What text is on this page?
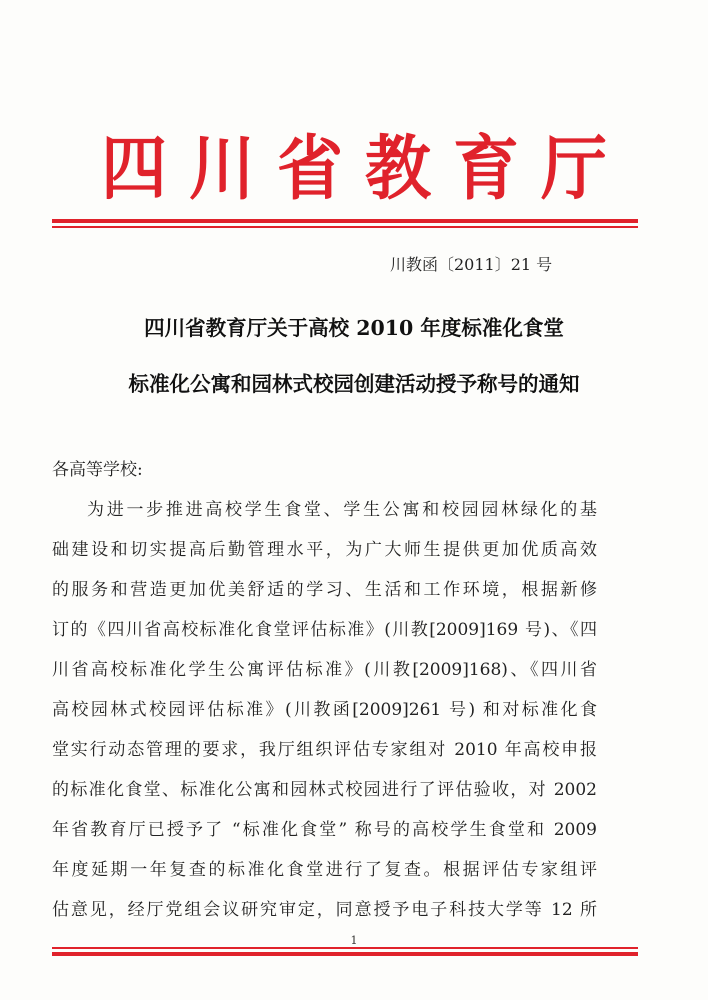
四川省教育厅
川教函〔2011〕21 号
四川省教育厅关于高校 2010 年度标准化食堂
标准化公寓和园林式校园创建活动授予称号的通知
各高等学校:
为进一步推进高校学生食堂、学生公寓和校园园林绿化的基
础建设和切实提高后勤管理水平，为广大师生提供更加优质高效
的服务和营造更加优美舒适的学习、生活和工作环境，根据新修
订的《四川省高校标准化食堂评估标准》(川教[2009]169 号)、《四
川省高校标准化学生公寓评估标准》(川教[2009]168)、《四川省
高校园林式校园评估标准》(川教函[2009]261 号) 和对标准化食
堂实行动态管理的要求，我厅组织评估专家组对 2010 年高校申报
的标准化食堂、标准化公寓和园林式校园进行了评估验收，对 2002
年省教育厅已授予了 “标准化食堂” 称号的高校学生食堂和 2009
年度延期一年复查的标准化食堂进行了复查。根据评估专家组评
估意见，经厅党组会议研究审定，同意授予电子科技大学等 12 所
1
